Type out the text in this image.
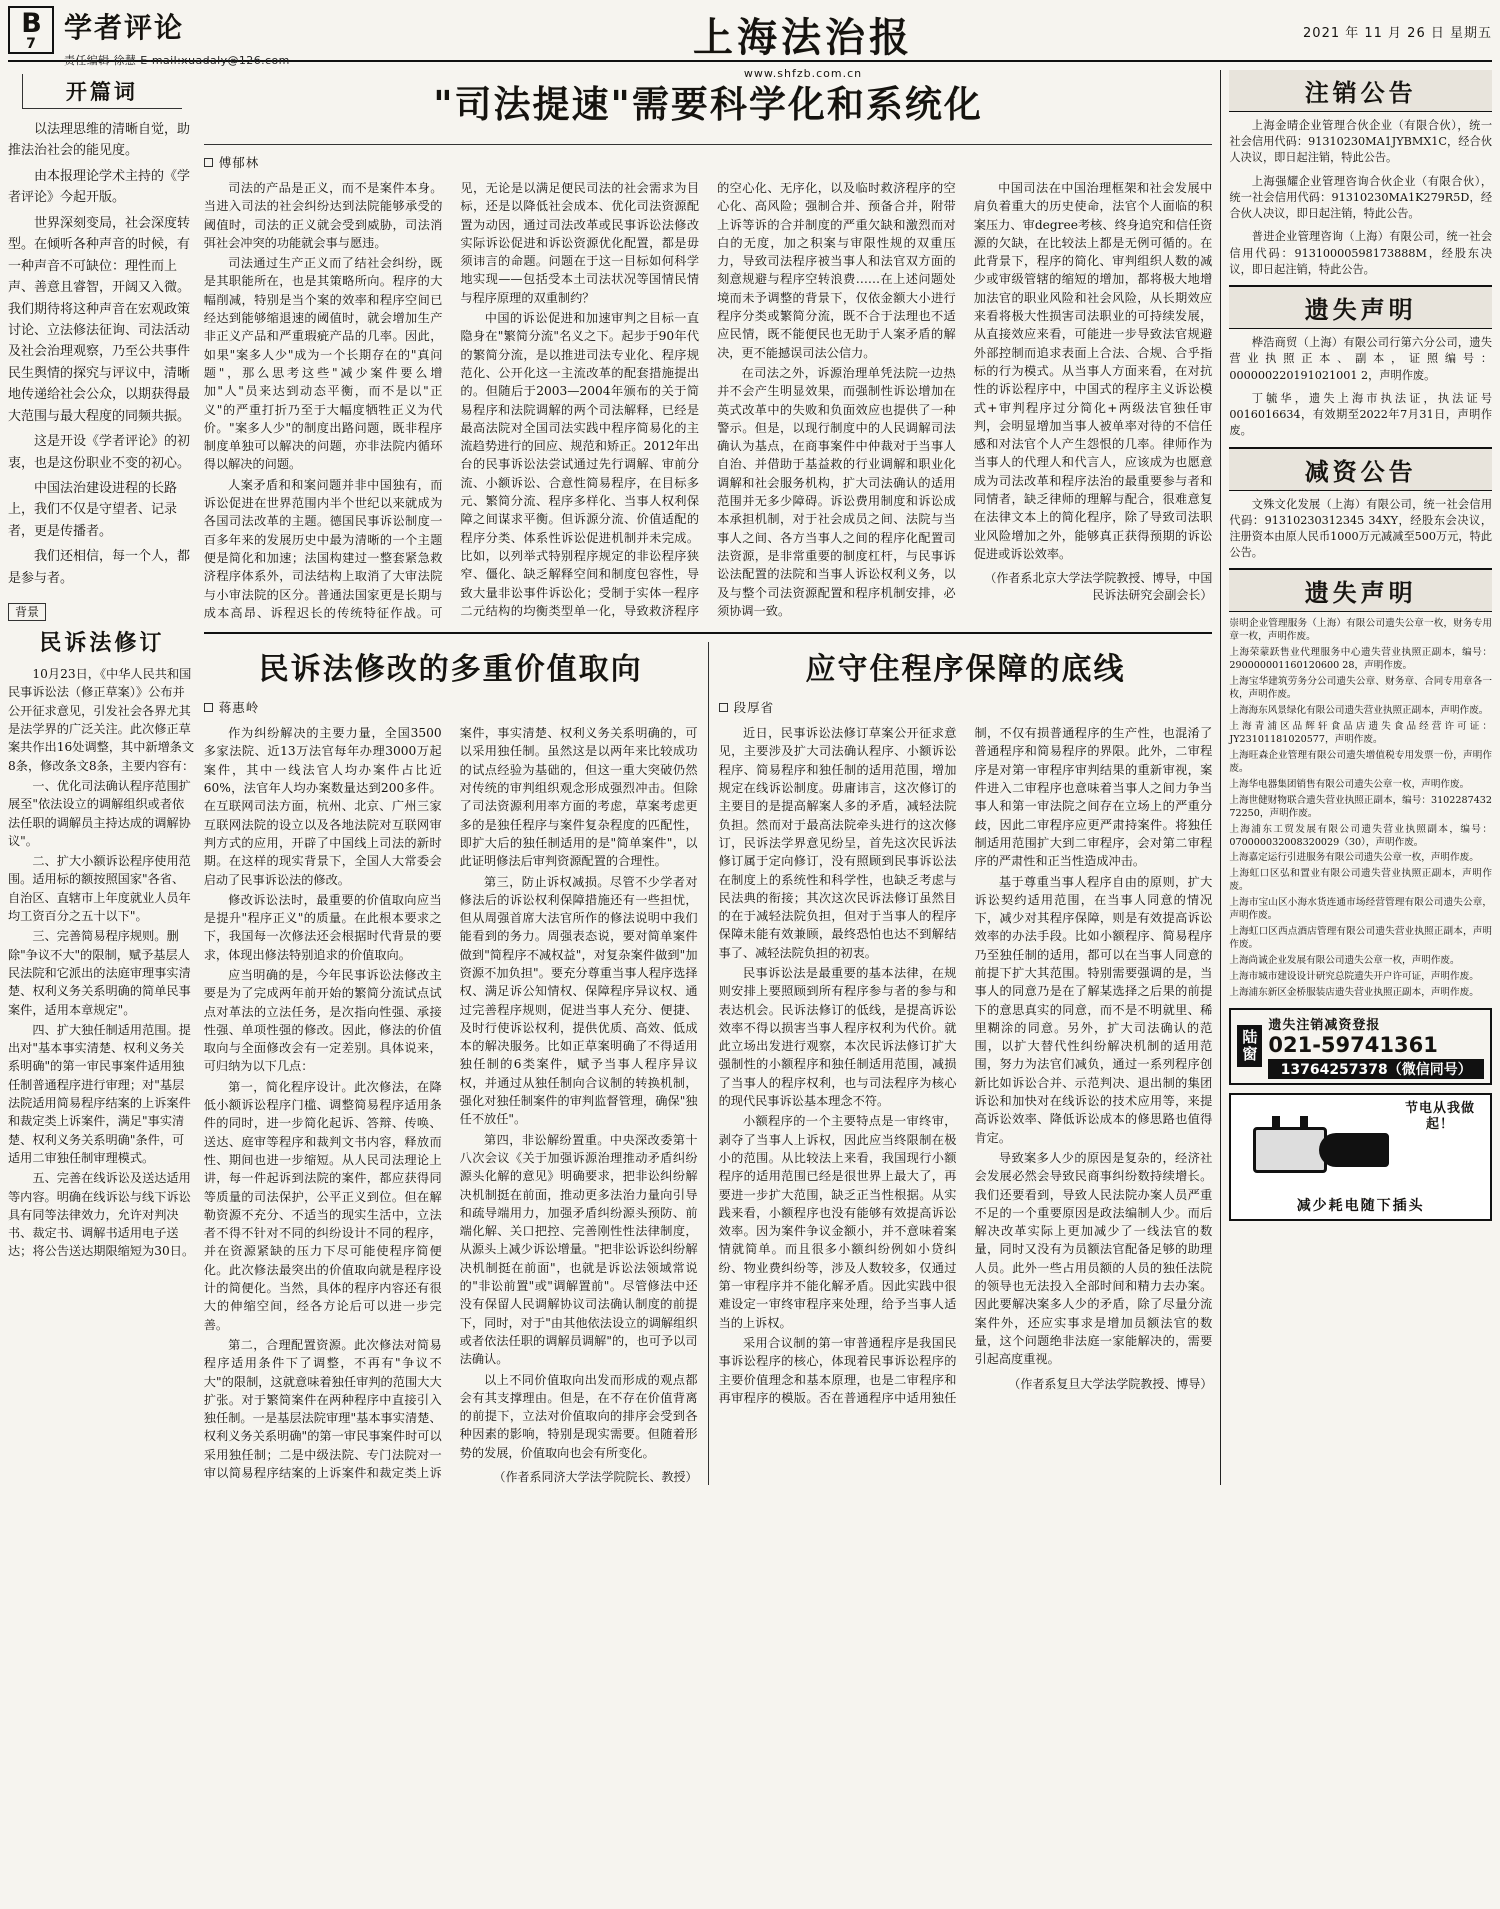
B
7 学者评论
责任编辑 徐慧 E-mail:xuadaly@126.com	上海法治报
www.shfzb.com.cn
2021 年 11 月 26 日 星期五
开篇词

以法理思维的清晰自觉，助推法治社会的能见度。

由本报理论学术主持的《学者评论》今起开版。

世界深刻变局，社会深度转型。在倾听各种声音的时候，有一种声音不可缺位：理性而上声、善意且睿智，开阔又入微。我们期待将这种声音在宏观政策讨论、立法修法征询、司法活动及社会治理观察，乃至公共事件民生舆情的探究与评议中，清晰地传递给社会公众，以期获得最大范围与最大程度的同频共振。

这是开设《学者评论》的初衷，也是这份职业不变的初心。

中国法治建设进程的长路上，我们不仅是守望者、记录者，更是传播者。

我们还相信，每一个人，都是参与者。

背景
民诉法修订

10月23日，《中华人民共和国民事诉讼法（修正草案）》公布并公开征求意见，引发社会各界尤其是法学界的广泛关注。此次修正草案共作出16处调整，其中新增条文8条，修改条文8条，主要内容有：

一、优化司法确认程序范围扩展至"依法设立的调解组织或者依法任职的调解员主持达成的调解协议"。

二、扩大小额诉讼程序使用范围。适用标的额按照国家"各省、自治区、直辖市上年度就业人员年均工资百分之五十以下"。

三、完善简易程序规则。删除"争议不大"的限制，赋予基层人民法院和它派出的法庭审理事实清楚、权利义务关系明确的简单民事案件，适用本章规定"。

四、扩大独任制适用范围。提出对"基本事实清楚、权利义务关系明确"的第一审民事案件适用独任制普通程序进行审理；对"基层法院适用简易程序结案的上诉案件和裁定类上诉案件，满足"事实清楚、权利义务关系明确"条件，可适用二审独任制审理模式。

五、完善在线诉讼及送达适用等内容。明确在线诉讼与线下诉讼具有同等法律效力，允许对判决书、裁定书、调解书适用电子送达；将公告送达期限缩短为30日。

"司法提速"需要科学化和系统化
傅郁林

司法的产品是正义，而不是案件本身。当进入司法的社会纠纷达到法院能够承受的阈值时，司法的正义就会受到威胁，司法消弭社会冲突的功能就会事与愿违。

司法通过生产正义而了结社会纠纷，既是其职能所在，也是其策略所向。程序的大幅削减，特别是当个案的效率和程序空间已经达到能够缩退速的阈值时，就会增加生产非正义产品和严重瑕疵产品的几率。因此，如果"案多人少"成为一个长期存在的"真问题"，那么思考这些"减少案件要么增加"人"员来达到动态平衡，而不是以"正义"的严重打折乃至于大幅度牺牲正义为代价。"案多人少"的制度出路问题，既非程序制度单独可以解决的问题，亦非法院内循环得以解决的问题。

人案矛盾和和案问题并非中国独有，而诉讼促进在世界范围内半个世纪以来就成为各国司法改革的主题。德国民事诉讼制度一百多年来的发展历史中最为清晰的一个主题便是简化和加速；法国构建过一整套紧急救济程序体系外，司法结构上取消了大审法院与小审法院的区分。普通法国家更是长期与成本高昂、诉程迟长的传统特征作战。可见，无论是以满足便民司法的社会需求为目标，还是以降低社会成本、优化司法资源配置为动因，通过司法改革或民事诉讼法修改实际诉讼促进和诉讼资源优化配置，都是毋须讳言的命题。问题在于这一目标如何科学地实现——包括受本土司法状况等国情民情与程序原理的双重制约？

中国的诉讼促进和加速审判之目标一直隐身在"繁简分流"名义之下。起步于90年代的繁简分流，是以推进司法专业化、程序规范化、公开化这一主流改革的配套措施提出的。但随后于2003—2004年颁布的关于简易程序和法院调解的两个司法解释，已经是最高法院对全国司法实践中程序简易化的主流趋势进行的回应、规范和矫正。2012年出台的民事诉讼法尝试通过先行调解、审前分流、小额诉讼、合意性简易程序，在目标多元、繁简分流、程序多样化、当事人权利保障之间谋求平衡。但诉源分流、价值适配的程序分类、体系性诉讼促进机制并未完成。比如，以列举式特别程序规定的非讼程序狭窄、僵化、缺乏解释空间和制度包容性，导致大量非讼事件诉讼化；受制于实体一程序二元结构的均衡类型单一化，导致救济程序的空心化、无序化，以及临时救济程序的空心化、高风险；强制合并、预备合并，附带上诉等诉的合并制度的严重欠缺和激烈而对白的无度，加之积案与审限性规的双重压力，导致司法程序被当事人和法官双方面的刻意规避与程序空转浪费……在上述问题处境而未予调整的背景下，仅依金额大小进行程序分类或繁简分流，既不合于法理也不适应民情，既不能便民也无助于人案矛盾的解决，更不能撼误司法公信力。

在司法之外，诉源治理单凭法院一边热并不会产生明显效果，而强制性诉讼增加在英式改革中的失败和负面效应也提供了一种警示。但是，以现行制度中的人民调解司法确认为基点，在商事案件中仲裁对于当事人自治、并借助于基益救的行业调解和职业化调解和社会服务机构，扩大司法确认的适用范围并无多少障碍。诉讼费用制度和诉讼成本承担机制，对于社会成员之间、法院与当事人之间、各方当事人之间的程序化配置司法资源，是非常重要的制度杠杆，与民事诉讼法配置的法院和当事人诉讼权利义务，以及与整个司法资源配置和程序机制安排，必须协调一致。

中国司法在中国治理框架和社会发展中肩负着重大的历史使命，法官个人面临的积案压力、审degree考核、终身追究和信任资源的欠缺，在比较法上都是无例可循的。在此背景下，程序的简化、审判组织人数的减少或审级管辖的缩短的增加，都将极大地增加法官的职业风险和社会风险，从长期效应来看将极大性损害司法职业的可持续发展，从直接效应来看，可能进一步导致法官规避外部控制而追求表面上合法、合规、合乎指标的行为模式。从当事人方面来看，在对抗性的诉讼程序中，中国式的程序主义诉讼模式+审判程序过分简化+两级法官独任审判，会明显增加当事人被单率对待的不信任感和对法官个人产生怨恨的几率。律师作为当事人的代理人和代言人，应该成为也愿意成为司法改革和程序法治的最重要参与者和同情者，缺乏律师的理解与配合，很难意复在法律文本上的简化程序，除了导致司法职业风险增加之外，能够真正获得预期的诉讼促进或诉讼效率。

（作者系北京大学法学院教授、博导，中国民诉法研究会副会长）

民诉法修改的多重价值取向
蒋惠岭

作为纠纷解决的主要力量，全国3500多家法院、近13万法官每年办理3000万起案件，其中一线法官人均办案件占比近60%，法官年人均办案数量达到200多件。在互联网司法方面，杭州、北京、广州三家互联网法院的设立以及各地法院对互联网审判方式的应用，开辟了中国线上司法的新时期。在这样的现实背景下，全国人大常委会启动了民事诉讼法的修改。

修改诉讼法时，最重要的价值取向应当是提升"程序正义"的质量。在此根本要求之下，我国每一次修法还会根据时代背景的要求，体现出修法特别追求的价值取向。

应当明确的是，今年民事诉讼法修改主要是为了完成两年前开始的繁简分流试点试点对革法的立法任务，是次指向性强、承接性强、单项性强的修改。因此，修法的价值取向与全面修改会有一定差别。具体说来，可归纳为以下几点：

第一，简化程序设计。此次修法，在降低小额诉讼程序门槛、调整简易程序适用条件的同时，进一步简化起诉、答辩、传唤、送达、庭审等程序和裁判文书内容，释放而性、期间也进一步缩短。从人民司法理论上讲，每一件起诉到法院的案件，都应获得同等质量的司法保护，公平正义到位。但在解勒资源不充分、不适当的现实生活中，立法者不得不针对不同的纠纷设计不同的程序，并在资源紧缺的压力下尽可能使程序简便化。此次修法最突出的价值取向就是程序设计的简便化。当然，具体的程序内容还有很大的伸缩空间，经各方论后可以进一步完善。

第二，合理配置资源。此次修法对简易程序适用条件下了调整，不再有"争议不大"的限制，这就意味着独任审判的范围大大扩张。对于繁简案件在两种程序中直接引入独任制。一是基层法院审理"基本事实清楚、权利义务关系明确"的第一审民事案件时可以采用独任制；二是中级法院、专门法院对一审以简易程序结案的上诉案件和裁定类上诉案件，事实清楚、权利义务关系明确的，可以采用独任制。虽然这是以两年来比较成功的试点经验为基础的，但这一重大突破仍然对传统的审判组织观念形成强烈冲击。但除了司法资源利用率方面的考虑，草案考虑更多的是独任程序与案件复杂程度的匹配性，即扩大后的独任制适用的是"简单案件"，以此证明修法后审判资源配置的合理性。

第三，防止诉权减损。尽管不少学者对修法后的诉讼权利保障措施还有一些担忧，但从周强首席大法官所作的修法说明中我们能看到的务力。周强表态说，要对简单案件做到"简程序不减权益"，对复杂案件做到"加资源不加负担"。要充分尊重当事人程序选择权、满足诉公知情权、保障程序异议权、通过完善程序规则，促进当事人充分、便捷、及时行使诉讼权利，提供优质、高效、低成本的解决服务。比如正草案明确了不得适用独任制的6类案件，赋予当事人程序异议权，并通过从独任制向合议制的转换机制，强化对独任制案件的审判监督管理，确保"独任不放任"。

第四，非讼解纷置重。中央深改委第十八次会议《关于加强诉源治理推动矛盾纠纷源头化解的意见》明确要求，把非讼纠纷解决机制挺在前面，推动更多法治力量向引导和疏导端用力，加强矛盾纠纷源头预防、前端化解、关口把控、完善刚性性法律制度，从源头上减少诉讼增量。"把非讼诉讼纠纷解决机制挺在前面"，也就是诉讼法领域常说的"非讼前置"或"调解置前"。尽管修法中还没有保留人民调解协议司法确认制度的前提下，同时，对于"由其他依法设立的调解组织或者依法任职的调解员调解"的，也可予以司法确认。

以上不同价值取向出发而形成的观点都会有其支撑理由。但是，在不存在价值背离的前提下，立法对价值取向的排序会受到各种因素的影响，特别是现实需要。但随着形势的发展，价值取向也会有所变化。

（作者系同济大学法学院院长、教授）

应守住程序保障的底线
段厚省

近日，民事诉讼法修订草案公开征求意见，主要涉及扩大司法确认程序、小额诉讼程序、简易程序和独任制的适用范围，增加规定在线诉讼制度。毋庸讳言，这次修订的主要目的是提高解案人多的矛盾，减轻法院负担。然而对于最高法院牵头进行的这次修订，民诉法学界意见纷呈，首先这次民诉法修订属于定向修订，没有照顾到民事诉讼法在制度上的系统性和科学性，也缺乏考虑与民法典的衔接；其次这次民诉法修订虽然目的在于减轻法院负担，但对于当事人的程序保障未能有效兼顾，最终恐怕也达不到解结事了、减轻法院负担的初衷。

民事诉讼法是最重要的基本法律，在规则安排上要照顾到所有程序参与者的参与和表达机会。民诉法修订的低线，是提高诉讼效率不得以损害当事人程序权利为代价。就此立场出发进行观察，本次民诉法修订扩大强制性的小额程序和独任制适用范围，减损了当事人的程序权利，也与司法程序为核心的现代民事诉讼基本理念不符。

小额程序的一个主要特点是一审终审，剥夺了当事人上诉权，因此应当终限制在极小的范围。从比较法上来看，我国现行小额程序的适用范围已经是很世界上最大了，再要进一步扩大范围，缺乏正当性根据。从实践来看，小额程序也没有能够有效提高诉讼效率。因为案件争议金额小，并不意味着案情就简单。而且很多小额纠纷例如小贷纠纷、物业费纠纷等，涉及人数较多，仅通过第一审程序并不能化解矛盾。因此实践中很难设定一审终审程序来处理，给予当事人适当的上诉权。

采用合议制的第一审普通程序是我国民事诉讼程序的核心，体现着民事诉讼程序的主要价值理念和基本原理，也是二审程序和再审程序的模版。否在普通程序中适用独任制，不仅有损普通程序的生产性，也混淆了普通程序和简易程序的界限。此外，二审程序是对第一审程序审判结果的重新审视，案件进入二审程序也意味着当事人之间力争当事人和第一审法院之间存在立场上的严重分歧，因此二审程序应更严肃持案件。将独任制适用范围扩大到二审程序，会对第二审程序的严肃性和正当性造成冲击。

基于尊重当事人程序自由的原则，扩大诉讼契约适用范围，在当事人同意的情况下，减少对其程序保障，则是有效提高诉讼效率的办法手段。比如小额程序、简易程序乃至独任制的适用，都可以在当事人同意的前提下扩大其范围。特别需要强调的是，当事人的同意乃是在了解某选择之后果的前提下的意思真实的同意，而不是不明就里、稀里糊涂的同意。另外，扩大司法确认的范围，以扩大替代性纠纷解决机制的适用范围，努力为法官们减负，通过一系列程序创新比如诉讼合并、示范判决、退出制的集团诉讼和加快对在线诉讼的技术应用等，来提高诉讼效率、降低诉讼成本的修思路也值得肯定。

导致案多人少的原因是复杂的，经济社会发展必然会导致民商事纠纷数持续增长。我们还要看到，导致人民法院办案人员严重不足的一个重要原因是政法编制人少。而后解决改革实际上更加减少了一线法官的数量，同时又没有为员额法官配备足够的助理人员。此外一些占用员额的人员的独任法院的领导也无法投入全部时间和精力去办案。因此要解决案多人少的矛盾，除了尽量分流案件外，还应实事求是增加员额法官的数量，这个问题绝非法庭一家能解决的，需要引起高度重视。

（作者系复旦大学法学院教授、博导）

注销公告

上海金晴企业管理合伙企业（有限合伙），统一社会信用代码：91310230MA1JYBMX1C，经合伙人决议，即日起注销，特此公告。

上海强耀企业管理咨询合伙企业（有限合伙），统一社会信用代码：91310230MA1K279R5D，经合伙人决议，即日起注销，特此公告。

普进企业管理咨询（上海）有限公司，统一社会信用代码：91310000598173888M，经股东决议，即日起注销，特此公告。

遗失声明

桦浩商贸（上海）有限公司行第六分公司，遗失营业执照正本、副本，证照编号：000000220191021001 2，声明作废。

丁毓华，遗失上海市执法证，执法证号0016016634，有效期至2022年7月31日，声明作废。

减资公告

文殊文化发展（上海）有限公司，统一社会信用代码：91310230312345 34XY，经股东会决议，注册资本由原人民币1000万元减减至500万元，特此公告。

遗失声明

崇明企业管理服务（上海）有限公司遗失公章一枚，财务专用章一枚，声明作废。

上海荣蒙跃售业代理服务中心遗失营业执照正副本，编号：290000001160120600 28，声明作废。

上海宝华建筑劳务分公司遗失公章、财务章、合同专用章各一枚，声明作废。

上海海东风景绿化有限公司遗失营业执照正副本，声明作废。

上海青浦区品辉轩食品店遗失食品经营许可证：JY23101181020577，声明作废。

上海旺森企业管理有限公司遗失增值税专用发票一份，声明作废。

上海华电器集团销售有限公司遗失公章一枚，声明作废。

上海世健财物联合遗失营业执照正副本，编号：3102287432 72250，声明作废。

上海浦东工贸发展有限公司遗失营业执照副本，编号：070000032008320029（30），声明作废。

上海嘉定运行引进服务有限公司遗失公章一枚，声明作废。

上海虹口区弘和置业有限公司遗失营业执照正副本，声明作废。

上海市宝山区小海水货连通市场经营管理有限公司遗失公章，声明作废。

上海虹口区西点酒店管理有限公司遗失营业执照正副本，声明作废。

上海尚诚企业发展有限公司遗失公章一枚，声明作废。

上海市城市建设设计研究总院遗失开户许可证，声明作废。

上海浦东新区金桥服装店遗失营业执照正副本，声明作废。

陆窗
遗失注销减资登报
021-59741361
13764257378（微信同号）
节电从我做起！
减少耗电随下插头
